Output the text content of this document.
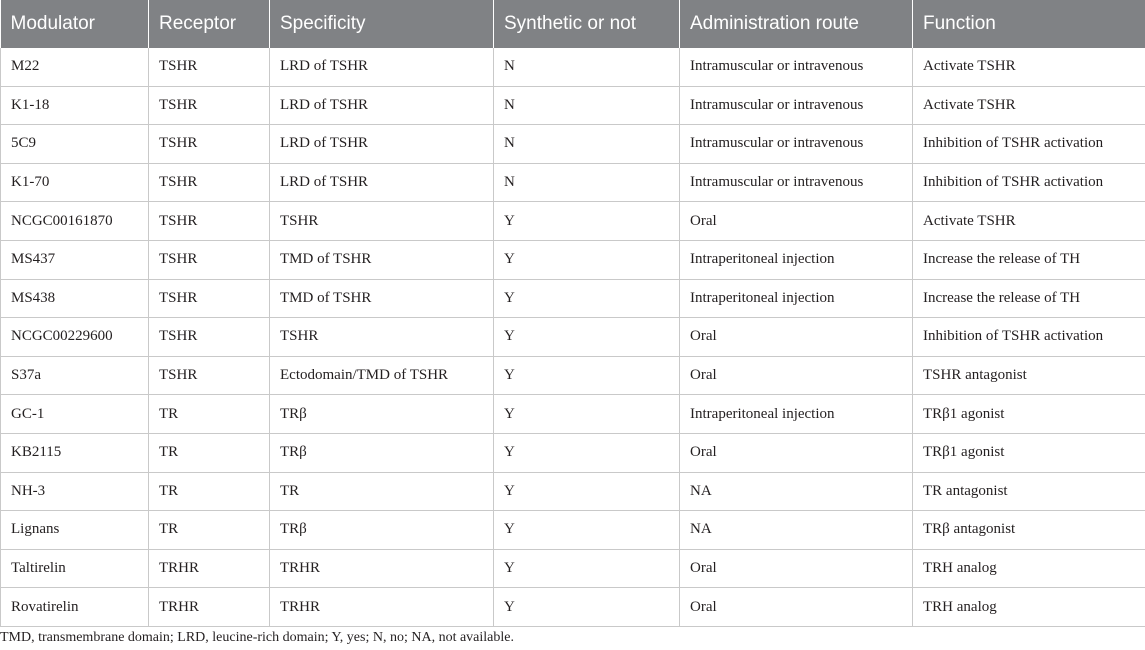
Modulator	Receptor	Specificity	Synthetic or not	Administration route	Function
M22	TSHR	LRD of TSHR	N	Intramuscular or intravenous	Activate TSHR
K1-18	TSHR	LRD of TSHR	N	Intramuscular or intravenous	Activate TSHR
5C9	TSHR	LRD of TSHR	N	Intramuscular or intravenous	Inhibition of TSHR activation
K1-70	TSHR	LRD of TSHR	N	Intramuscular or intravenous	Inhibition of TSHR activation
NCGC00161870	TSHR	TSHR	Y	Oral	Activate TSHR
MS437	TSHR	TMD of TSHR	Y	Intraperitoneal injection	Increase the release of TH
MS438	TSHR	TMD of TSHR	Y	Intraperitoneal injection	Increase the release of TH
NCGC00229600	TSHR	TSHR	Y	Oral	Inhibition of TSHR activation
S37a	TSHR	Ectodomain/TMD of TSHR	Y	Oral	TSHR antagonist
GC-1	TR	TRβ	Y	Intraperitoneal injection	TRβ1 agonist
KB2115	TR	TRβ	Y	Oral	TRβ1 agonist
NH-3	TR	TR	Y	NA	TR antagonist
Lignans	TR	TRβ	Y	NA	TRβ antagonist
Taltirelin	TRHR	TRHR	Y	Oral	TRH analog
Rovatirelin	TRHR	TRHR	Y	Oral	TRH analog
TMD, transmembrane domain; LRD, leucine-rich domain; Y, yes; N, no; NA, not available.
